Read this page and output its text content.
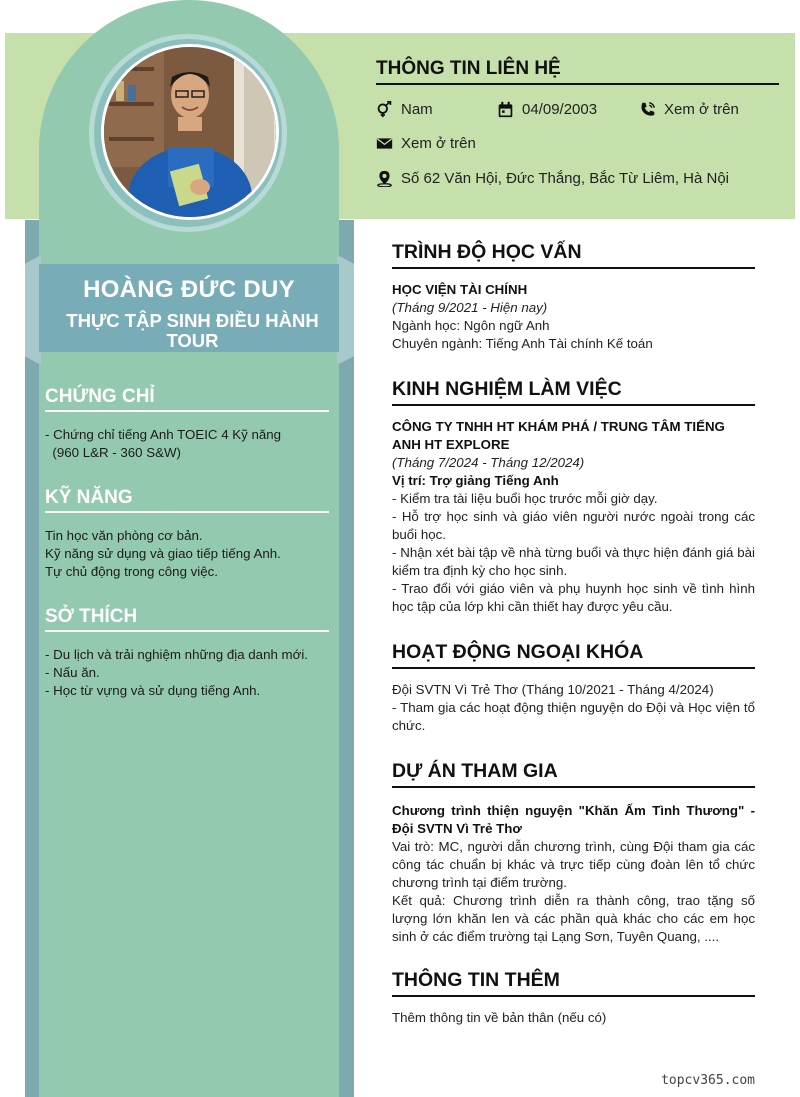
HOÀNG ĐỨC DUY
THỰC TẬP SINH ĐIỀU HÀNH TOUR
THÔNG TIN LIÊN HỆ
Nam	04/09/2003	Xem ở trên
Xem ở trên
Số 62 Văn Hội, Đức Thắng, Bắc Từ Liêm, Hà Nội
CHỨNG CHỈ
- Chứng chỉ tiếng Anh TOEIC 4 Kỹ năng
(960 L&R - 360 S&W)
KỸ NĂNG
Tin học văn phòng cơ bản.
Kỹ năng sử dụng và giao tiếp tiếng Anh.
Tự chủ động trong công việc.
SỞ THÍCH
- Du lịch và trải nghiệm những địa danh mới.
- Nấu ăn.
- Học từ vựng và sử dụng tiếng Anh.
TRÌNH ĐỘ HỌC VẤN
HỌC VIỆN TÀI CHÍNH
(Tháng 9/2021 - Hiện nay)
Ngành học: Ngôn ngữ Anh
Chuyên ngành: Tiếng Anh Tài chính Kế toán
KINH NGHIỆM LÀM VIỆC
CÔNG TY TNHH HT KHÁM PHÁ / TRUNG TÂM TIẾNG ANH HT EXPLORE
(Tháng 7/2024 - Tháng 12/2024)
Vị trí: Trợ giảng Tiếng Anh
- Kiểm tra tài liệu buổi học trước mỗi giờ dạy.
- Hỗ trợ học sinh và giáo viên người nước ngoài trong các buổi học.
- Nhận xét bài tập về nhà từng buổi và thực hiện đánh giá bài kiểm tra định kỳ cho học sinh.
- Trao đổi với giáo viên và phụ huynh học sinh về tình hình học tập của lớp khi cần thiết hay được yêu cầu.
HOẠT ĐỘNG NGOẠI KHÓA
Đội SVTN Vì Trẻ Thơ (Tháng 10/2021 - Tháng 4/2024)
- Tham gia các hoạt động thiện nguyện do Đội và Học viện tổ chức.
DỰ ÁN THAM GIA
Chương trình thiện nguyện "Khăn Ấm Tình Thương" - Đội SVTN Vì Trẻ Thơ
Vai trò: MC, người dẫn chương trình, cùng Đội tham gia các công tác chuẩn bị khác và trực tiếp cùng đoàn lên tổ chức chương trình tại điểm trường.
Kết quả: Chương trình diễn ra thành công, trao tặng số lượng lớn khăn len và các phần quà khác cho các em học sinh ở các điểm trường tại Lạng Sơn, Tuyên Quang, ....
THÔNG TIN THÊM
Thêm thông tin về bản thân (nếu có)
topcv365.com
